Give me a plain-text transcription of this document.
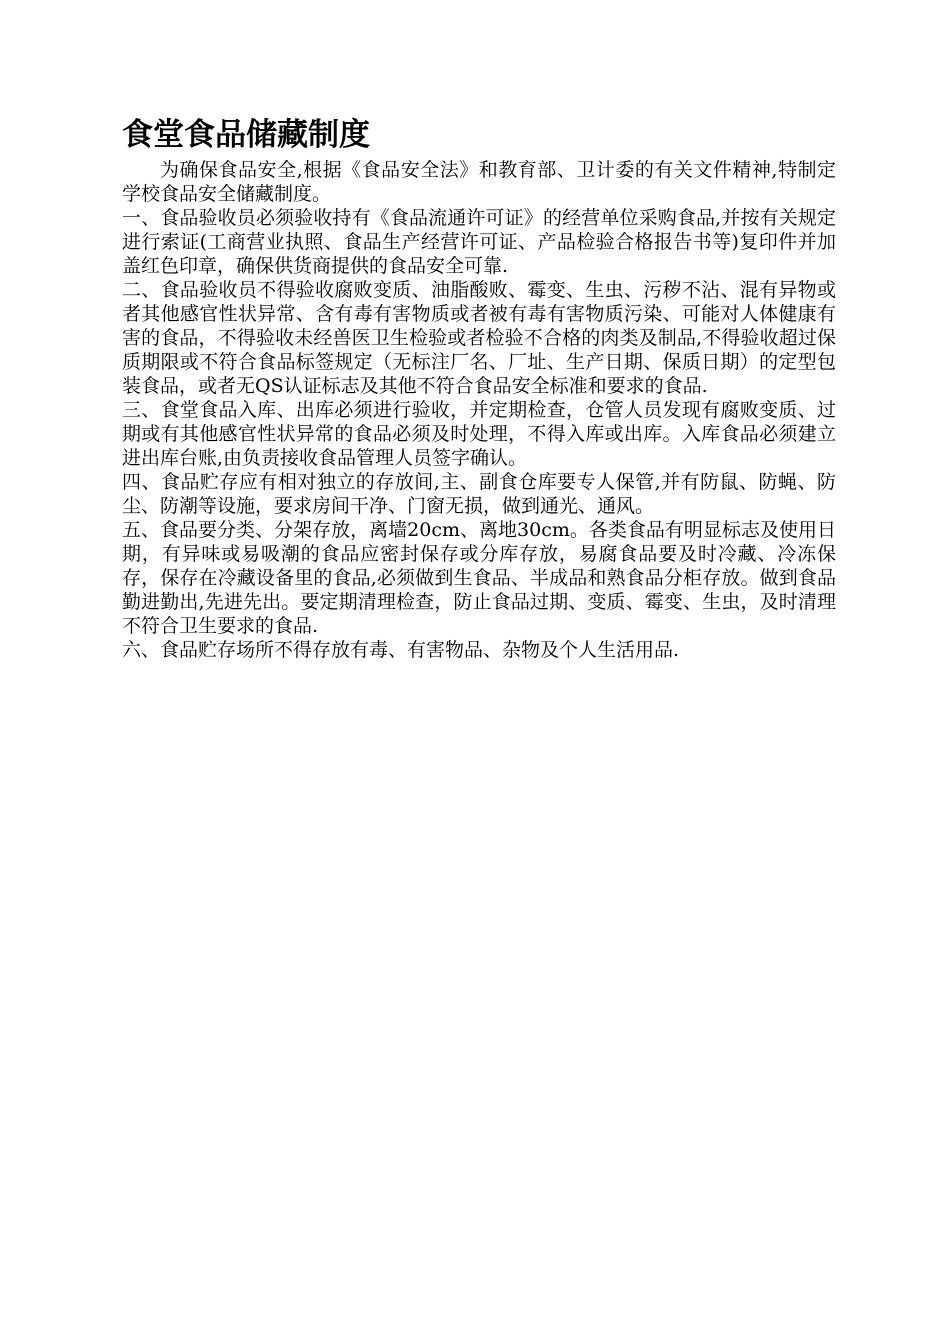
食堂食品储藏制度

为确保食品安全,根据《食品安全法》和教育部、卫计委的有关文件精神,特制定学校食品安全储藏制度。

一、食品验收员必须验收持有《食品流通许可证》的经营单位采购食品,并按有关规定进行索证(工商营业执照、食品生产经营许可证、产品检验合格报告书等)复印件并加盖红色印章，确保供货商提供的食品安全可靠.

二、食品验收员不得验收腐败变质、油脂酸败、霉变、生虫、污秽不沾、混有异物或者其他感官性状异常、含有毒有害物质或者被有毒有害物质污染、可能对人体健康有害的食品，不得验收未经兽医卫生检验或者检验不合格的肉类及制品,不得验收超过保质期限或不符合食品标签规定（无标注厂名、厂址、生产日期、保质日期）的定型包装食品，或者无QS认证标志及其他不符合食品安全标准和要求的食品.

三、食堂食品入库、出库必须进行验收，并定期检查，仓管人员发现有腐败变质、过期或有其他感官性状异常的食品必须及时处理，不得入库或出库。入库食品必须建立进出库台账,由负责接收食品管理人员签字确认。

四、食品贮存应有相对独立的存放间,主、副食仓库要专人保管,并有防鼠、防蝇、防尘、防潮等设施，要求房间干净、门窗无损，做到通光、通风。

五、食品要分类、分架存放，离墙20cm、离地30cm。各类食品有明显标志及使用日期，有异味或易吸潮的食品应密封保存或分库存放，易腐食品要及时冷藏、冷冻保存，保存在冷藏设备里的食品,必须做到生食品、半成品和熟食品分柜存放。做到食品勤进勤出,先进先出。要定期清理检查，防止食品过期、变质、霉变、生虫，及时清理不符合卫生要求的食品.

六、食品贮存场所不得存放有毒、有害物品、杂物及个人生活用品.
